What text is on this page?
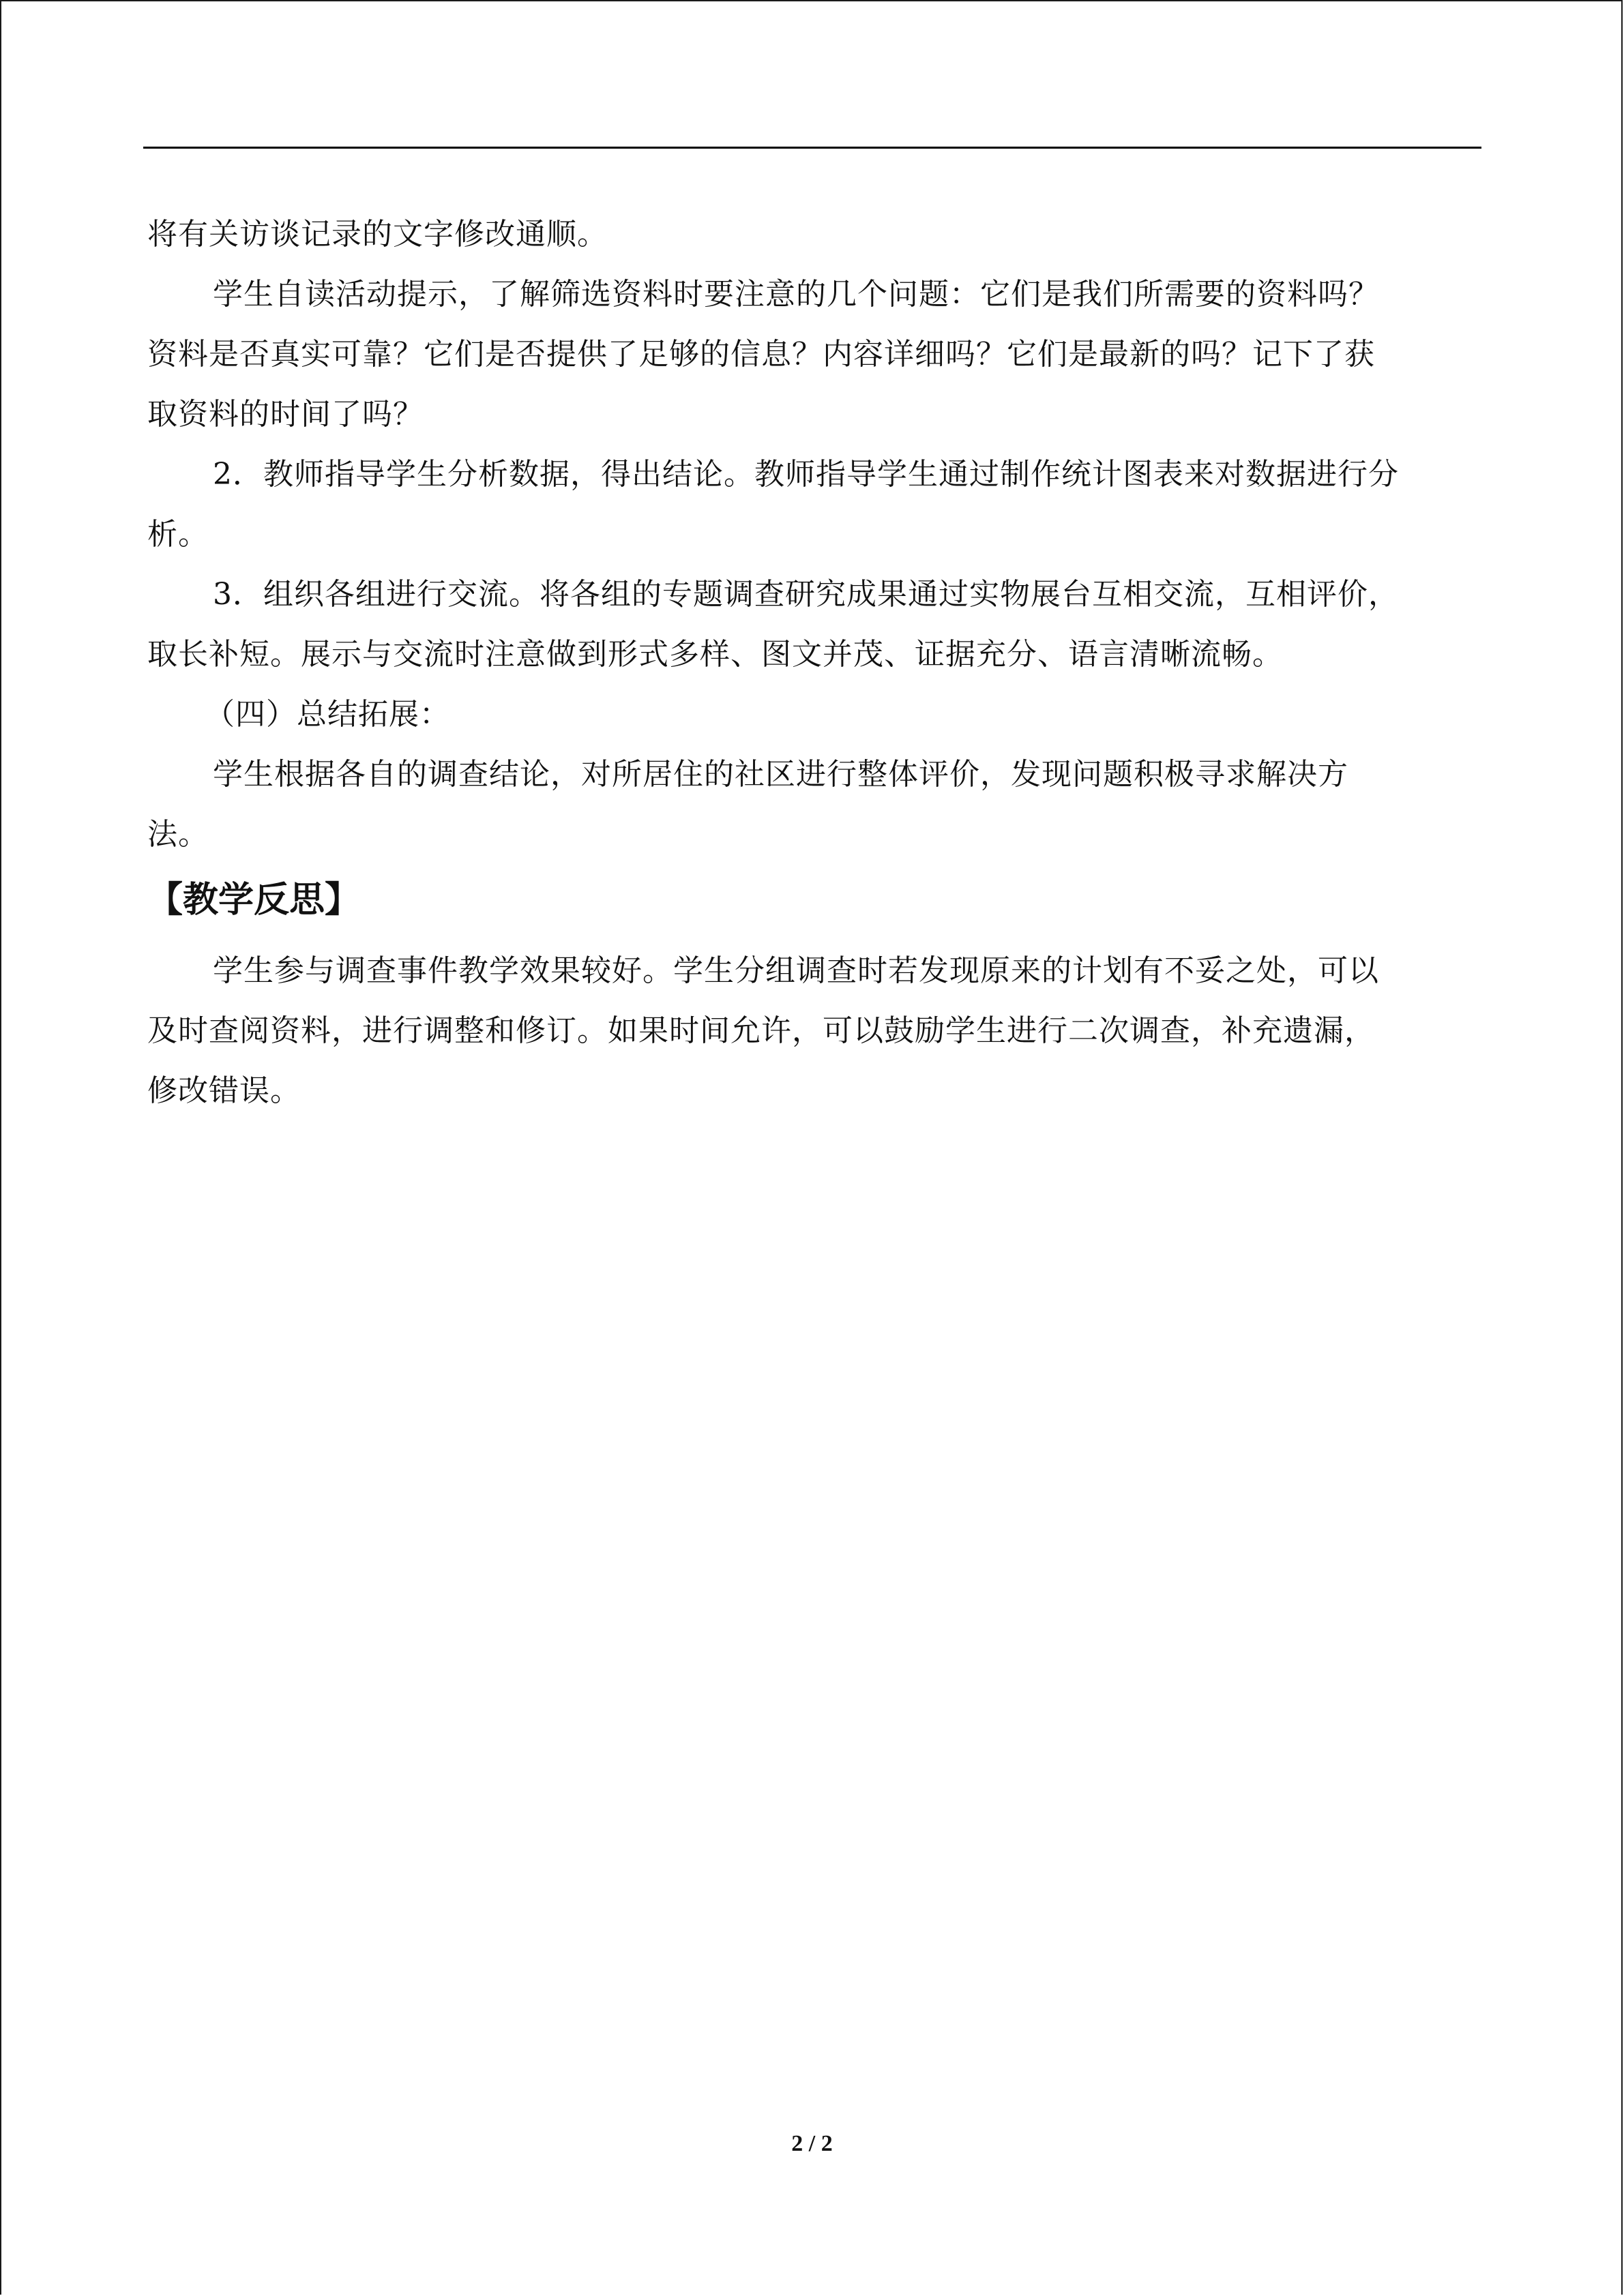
将有关访谈记录的文字修改通顺。
学生自读活动提示，了解筛选资料时要注意的几个问题：它们是我们所需要的资料吗？
资料是否真实可靠？它们是否提供了足够的信息？内容详细吗？它们是最新的吗？记下了获
取资料的时间了吗？
2．教师指导学生分析数据，得出结论。教师指导学生通过制作统计图表来对数据进行分
析。
3．组织各组进行交流。将各组的专题调查研究成果通过实物展台互相交流，互相评价，
取长补短。展示与交流时注意做到形式多样、图文并茂、证据充分、语言清晰流畅。
（四）总结拓展：
学生根据各自的调查结论，对所居住的社区进行整体评价，发现问题积极寻求解决方
法。
【教学反思】
学生参与调查事件教学效果较好。学生分组调查时若发现原来的计划有不妥之处，可以
及时查阅资料，进行调整和修订。如果时间允许，可以鼓励学生进行二次调查，补充遗漏，
修改错误。
2 / 2
